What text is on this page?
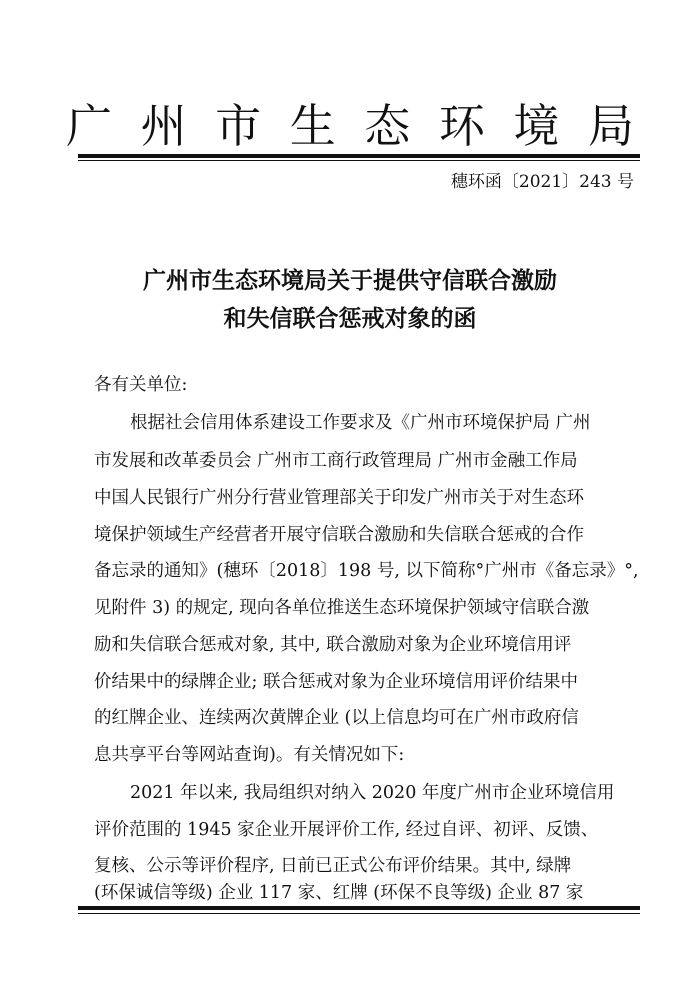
广 州 市 生 态 环 境 局
穗环函〔2021〕243 号
广州市生态环境局关于提供守信联合激励
和失信联合惩戒对象的函
各有关单位:
根据社会信用体系建设工作要求及《广州市环境保护局 广州
市发展和改革委员会 广州市工商行政管理局 广州市金融工作局
中国人民银行广州分行营业管理部关于印发广州市关于对生态环
境保护领域生产经营者开展守信联合激励和失信联合惩戒的合作
备忘录的通知》(穗环〔2018〕198 号, 以下简称°广州市《备忘录》°,
见附件 3) 的规定, 现向各单位推送生态环境保护领域守信联合激
励和失信联合惩戒对象, 其中, 联合激励对象为企业环境信用评
价结果中的绿牌企业; 联合惩戒对象为企业环境信用评价结果中
的红牌企业、连续两次黄牌企业 (以上信息均可在广州市政府信
息共享平台等网站查询)。有关情况如下:
2021 年以来, 我局组织对纳入 2020 年度广州市企业环境信用
评价范围的 1945 家企业开展评价工作, 经过自评、初评、反馈、
复核、公示等评价程序, 日前已正式公布评价结果。其中, 绿牌
(环保诚信等级) 企业 117 家、红牌 (环保不良等级) 企业 87 家
